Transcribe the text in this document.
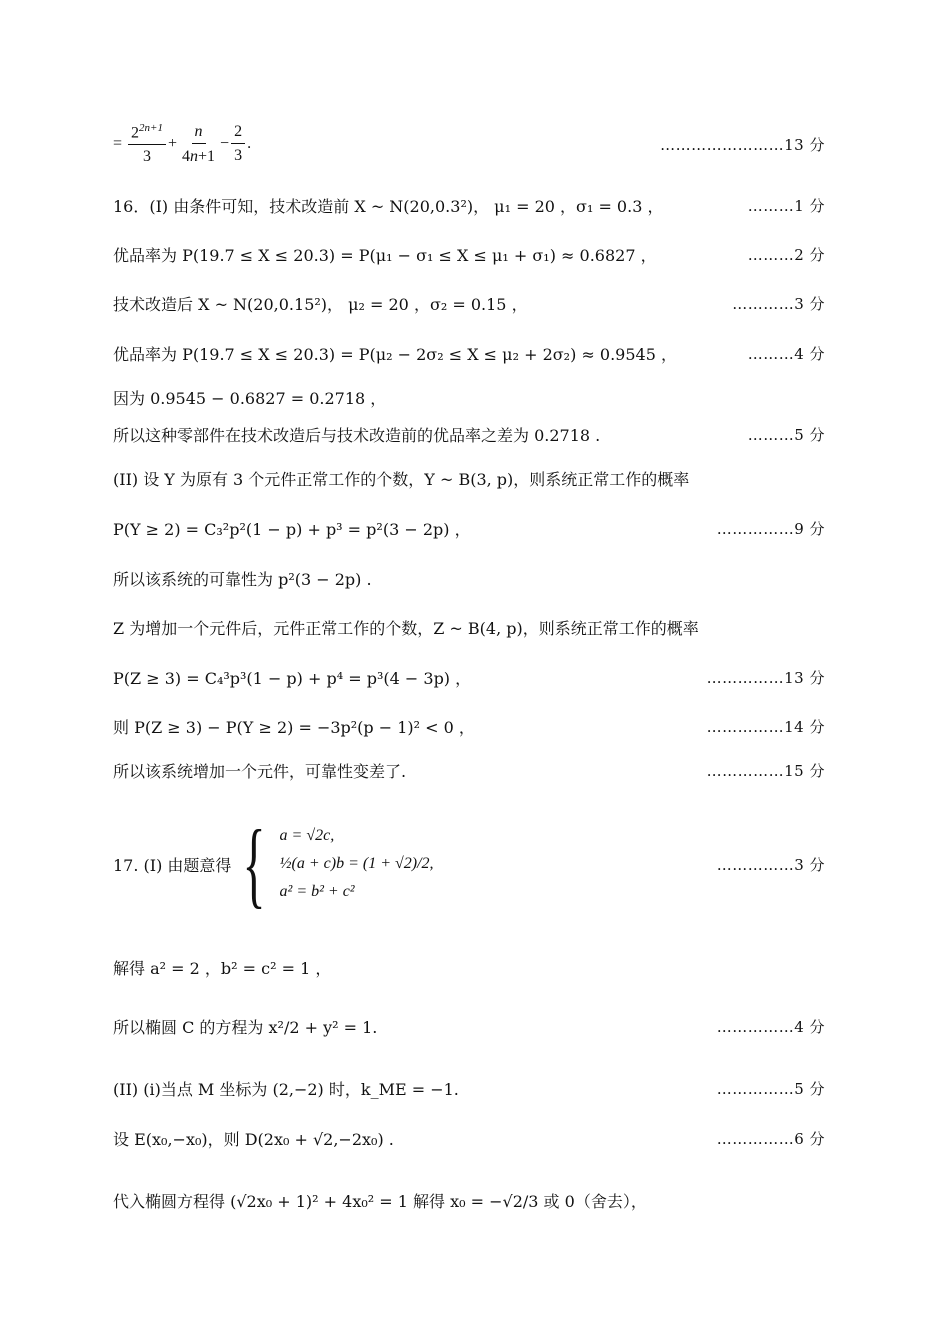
= $\frac{2^{2n+1}}{3} + \frac{n}{4n+1} - \frac{2}{3}$ .	……………………13 分
16．(I) 由条件可知，技术改造前 X ~ N(20,0.3²)， μ₁ = 20 ，σ₁ = 0.3 ，	………1 分
优品率为 P(19.7 ≤ X ≤ 20.3) = P(μ₁ − σ₁ ≤ X ≤ μ₁ + σ₁) ≈ 0.6827 ，	………2 分
技术改造后 X ~ N(20,0.15²)， μ₂ = 20 ，σ₂ = 0.15 ，	…………3 分
优品率为 P(19.7 ≤ X ≤ 20.3) = P(μ₂ − 2σ₂ ≤ X ≤ μ₂ + 2σ₂) ≈ 0.9545 ，	………4 分
因为 0.9545 − 0.6827 = 0.2718 ，
所以这种零部件在技术改造后与技术改造前的优品率之差为 0.2718 .	………5 分
(II) 设 Y 为原有 3 个元件正常工作的个数，Y ~ B(3, p)，则系统正常工作的概率
P(Y ≥ 2) = C₃²p²(1 − p) + p³ = p²(3 − 2p) ，	……………9 分
所以该系统的可靠性为 p²(3 − 2p) .
Z 为增加一个元件后，元件正常工作的个数，Z ~ B(4, p)，则系统正常工作的概率
P(Z ≥ 3) = C₄³p³(1 − p) + p⁴ = p³(4 − 3p) ，	……………13 分
则 P(Z ≥ 3) − P(Y ≥ 2) = −3p²(p − 1)² < 0 ，	……………14 分
所以该系统增加一个元件，可靠性变差了.	……………15 分
17. (I) 由题意得 { a = √2c,
½(a + c)b = (1 + √2)/2,
a² = b² + c²
……………3 分
解得 a² = 2 ，b² = c² = 1 ，
所以椭圆 C 的方程为 x²/2 + y² = 1.	……………4 分
(II) (i)当点 M 坐标为 (2,−2) 时，k_ME = −1.	……………5 分
设 E(x₀,−x₀)，则 D(2x₀ + √2,−2x₀) .	……………6 分
代入椭圆方程得 (√2x₀ + 1)² + 4x₀² = 1 解得 x₀ = −√2/3 或 0（舍去），
